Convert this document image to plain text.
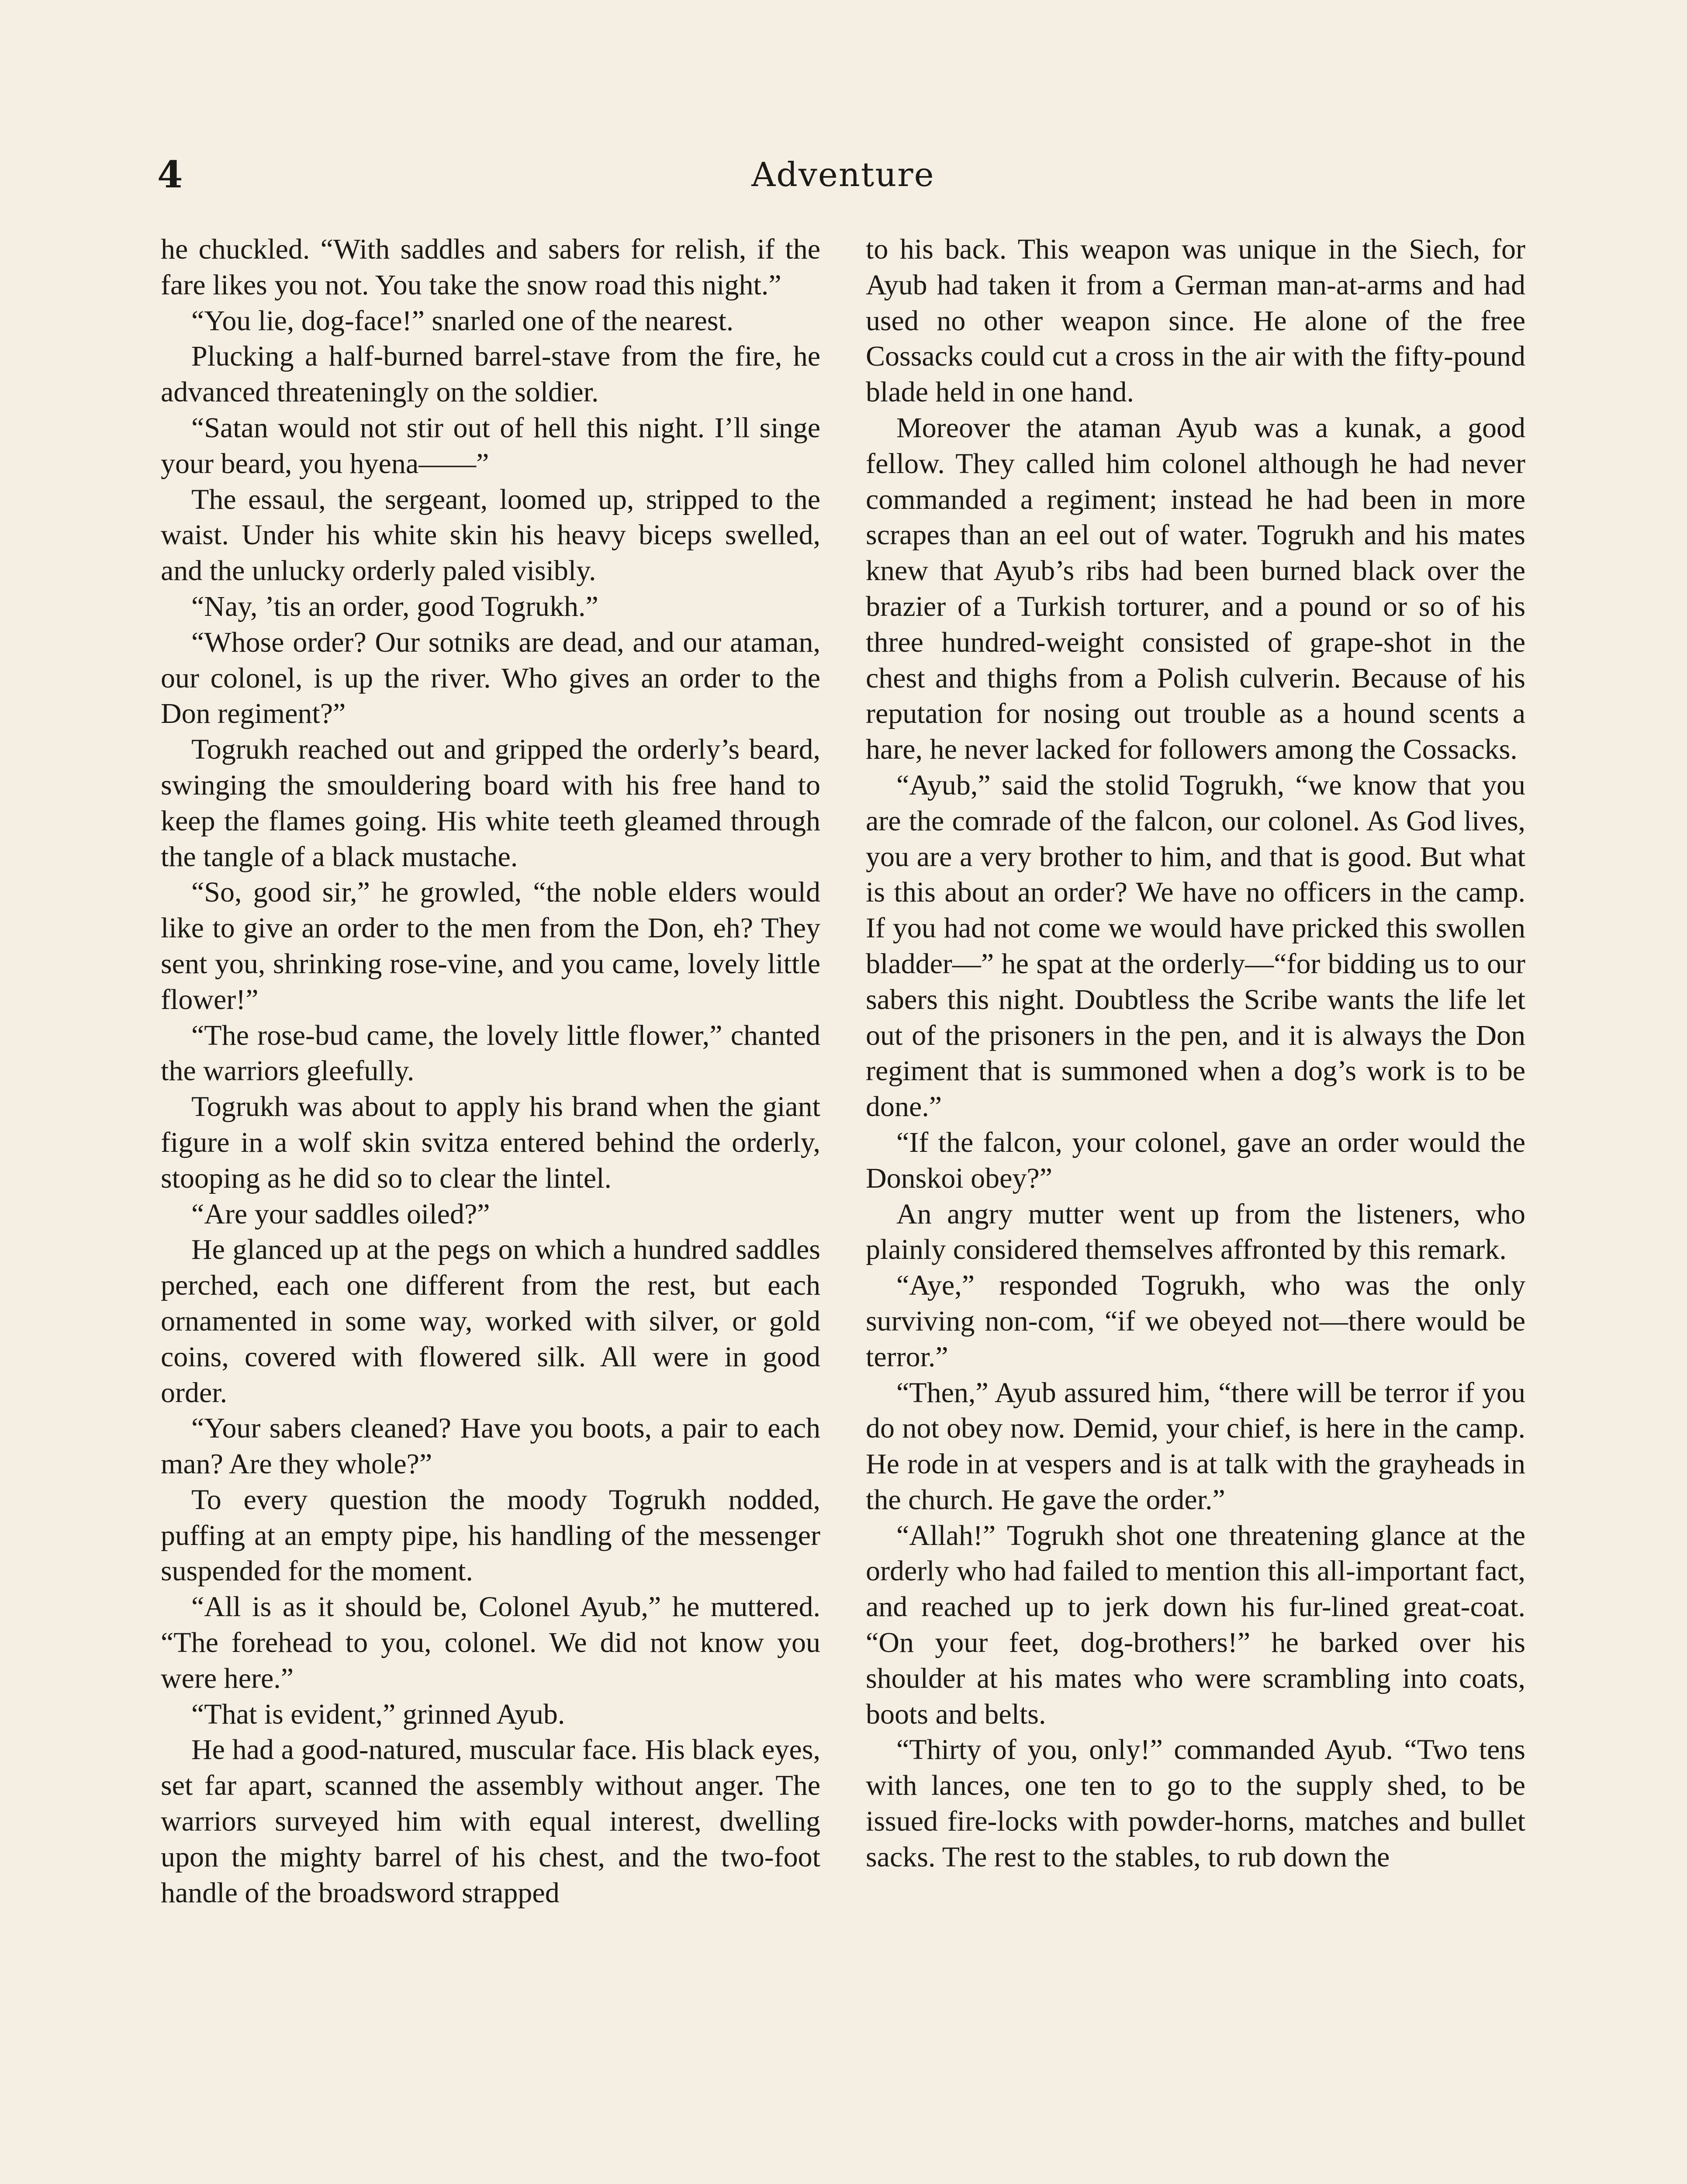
4	Adventure

he chuckled. “With saddles and sabers for relish, if the fare likes you not. You take the snow road this night.”

“You lie, dog-face!” snarled one of the nearest.

Plucking a half-burned barrel-stave from the fire, he advanced threateningly on the soldier.

“Satan would not stir out of hell this night. I’ll singe your beard, you hyena——”

The essaul, the sergeant, loomed up, stripped to the waist. Under his white skin his heavy biceps swelled, and the unlucky orderly paled visibly.

“Nay, ’tis an order, good Togrukh.”

“Whose order? Our sotniks are dead, and our ataman, our colonel, is up the river. Who gives an order to the Don regiment?”

Togrukh reached out and gripped the orderly’s beard, swinging the smouldering board with his free hand to keep the flames going. His white teeth gleamed through the tangle of a black mustache.

“So, good sir,” he growled, “the noble elders would like to give an order to the men from the Don, eh? They sent you, shrinking rose-vine, and you came, lovely little flower!”

“The rose-bud came, the lovely little flower,” chanted the warriors gleefully.

Togrukh was about to apply his brand when the giant figure in a wolf skin svitza entered behind the orderly, stooping as he did so to clear the lintel.

“Are your saddles oiled?”

He glanced up at the pegs on which a hundred saddles perched, each one different from the rest, but each ornamented in some way, worked with silver, or gold coins, covered with flowered silk. All were in good order.

“Your sabers cleaned? Have you boots, a pair to each man? Are they whole?”

To every question the moody Togrukh nodded, puffing at an empty pipe, his handling of the messenger suspended for the moment.

“All is as it should be, Colonel Ayub,” he muttered. “The forehead to you, colonel. We did not know you were here.”

“That is evident,” grinned Ayub.

He had a good-natured, muscular face. His black eyes, set far apart, scanned the assembly without anger. The warriors surveyed him with equal interest, dwelling upon the mighty barrel of his chest, and the two-foot handle of the broadsword strapped

to his back. This weapon was unique in the Siech, for Ayub had taken it from a German man-at-arms and had used no other weapon since. He alone of the free Cossacks could cut a cross in the air with the fifty-pound blade held in one hand.

Moreover the ataman Ayub was a kunak, a good fellow. They called him colonel although he had never commanded a regiment; instead he had been in more scrapes than an eel out of water. Togrukh and his mates knew that Ayub’s ribs had been burned black over the brazier of a Turkish torturer, and a pound or so of his three hundred-weight consisted of grape-shot in the chest and thighs from a Polish culverin. Because of his reputation for nosing out trouble as a hound scents a hare, he never lacked for followers among the Cossacks.

“Ayub,” said the stolid Togrukh, “we know that you are the comrade of the falcon, our colonel. As God lives, you are a very brother to him, and that is good. But what is this about an order? We have no officers in the camp. If you had not come we would have pricked this swollen bladder—” he spat at the orderly—“for bidding us to our sabers this night. Doubtless the Scribe wants the life let out of the prisoners in the pen, and it is always the Don regiment that is summoned when a dog’s work is to be done.”

“If the falcon, your colonel, gave an order would the Donskoi obey?”

An angry mutter went up from the listeners, who plainly considered themselves affronted by this remark.

“Aye,” responded Togrukh, who was the only surviving non-com, “if we obeyed not—there would be terror.”

“Then,” Ayub assured him, “there will be terror if you do not obey now. Demid, your chief, is here in the camp. He rode in at vespers and is at talk with the grayheads in the church. He gave the order.”

“Allah!” Togrukh shot one threatening glance at the orderly who had failed to mention this all-important fact, and reached up to jerk down his fur-lined great-coat. “On your feet, dog-brothers!” he barked over his shoulder at his mates who were scrambling into coats, boots and belts.

“Thirty of you, only!” commanded Ayub. “Two tens with lances, one ten to go to the supply shed, to be issued fire-locks with powder-horns, matches and bullet sacks. The rest to the stables, to rub down the
